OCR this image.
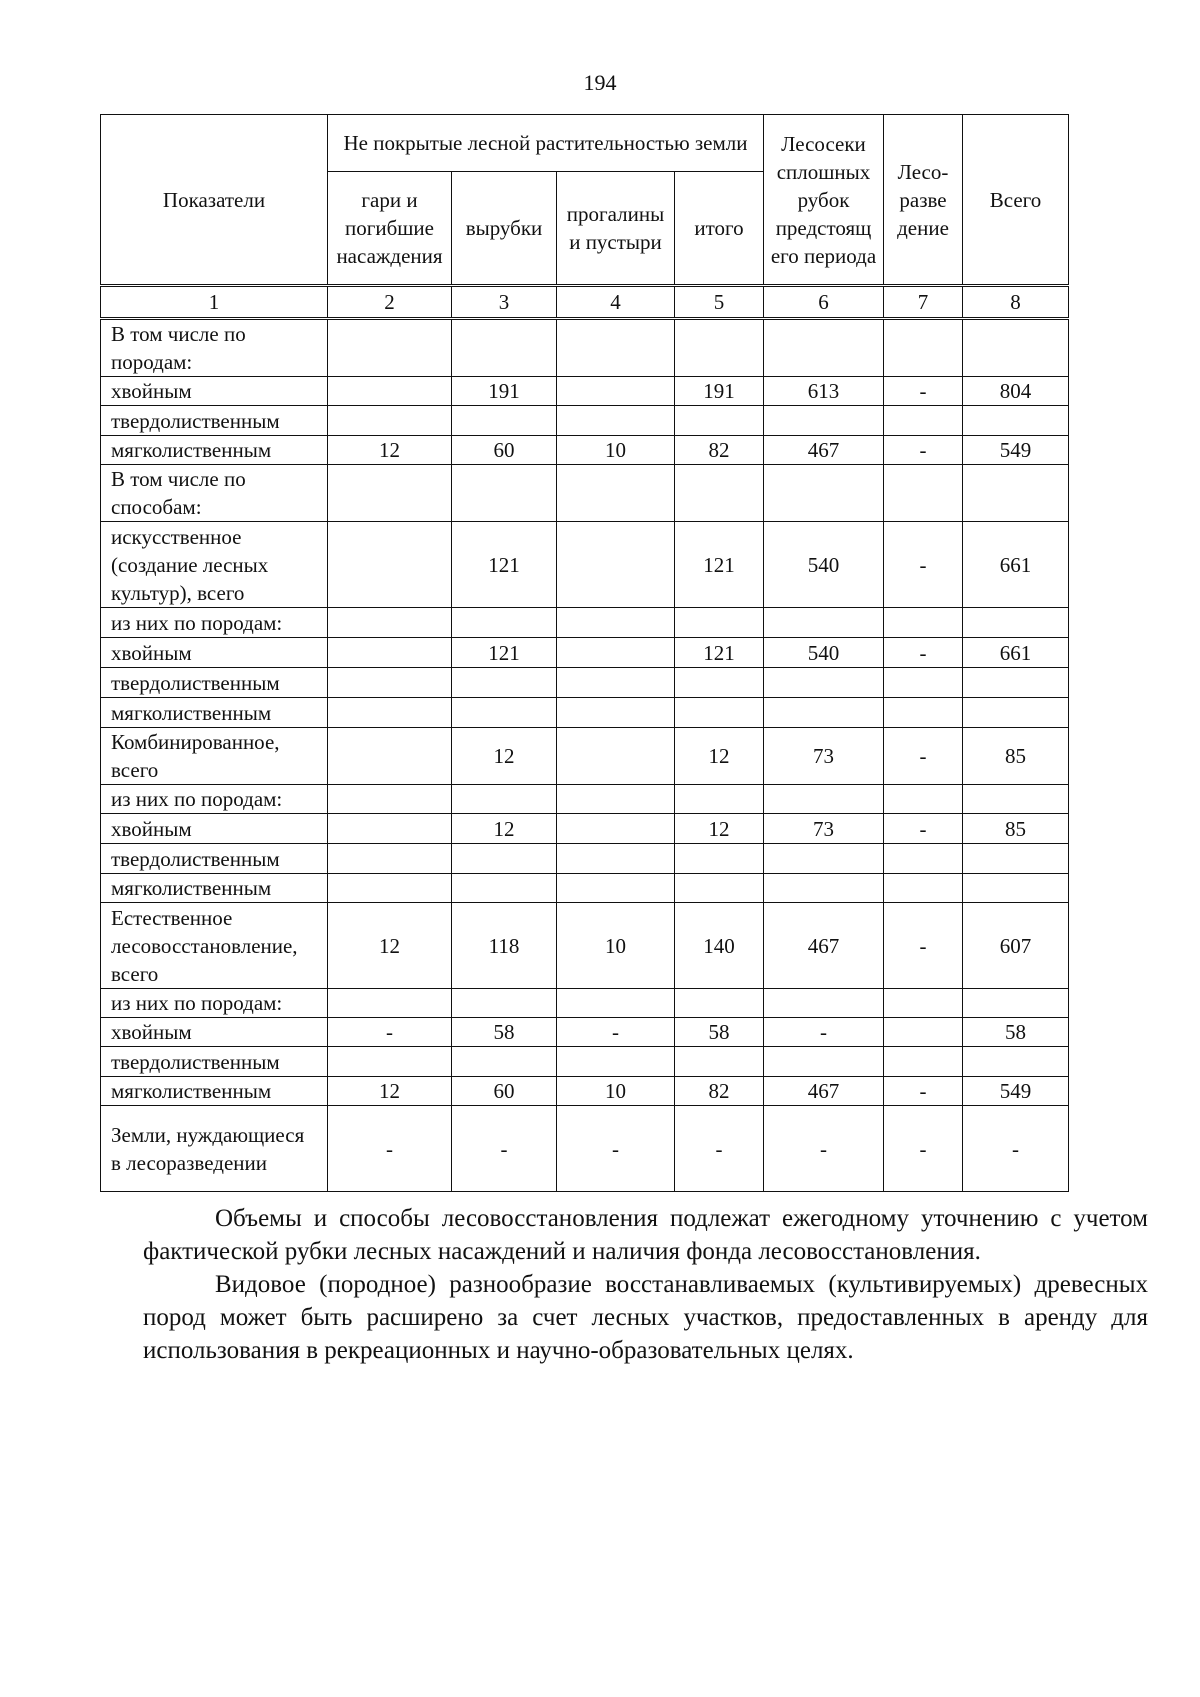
194
Показатели	Не покрытые лесной растительностью земли				Лесосеки сплошных рубок предстоящ его периода	Лесо-разве дение	Всего
	гари и погибшие насаждения	вырубки	прогалины и пустыри	итого			
1	2	3	4	5	6	7	8
В том числе по породам:							
хвойным		191		191	613	-	804
твердолиственным							
мягколиственным	12	60	10	82	467	-	549
В том числе по способам:							
искусственное (создание лесных культур), всего		121		121	540	-	661
из них по породам:							
хвойным		121		121	540	-	661
твердолиственным							
мягколиственным							
Комбинированное, всего		12		12	73	-	85
из них по породам:							
хвойным		12		12	73	-	85
твердолиственным							
мягколиственным							
Естественное лесовосстановление, всего	12	118	10	140	467	-	607
из них по породам:							
хвойным	-	58	-	58	-		58
твердолиственным							
мягколиственным	12	60	10	82	467	-	549
Земли, нуждающиеся в лесоразведении	-	-	-	-	-	-	-

Объемы и способы лесовосстановления подлежат ежегодному уточнению с учетом фактической рубки лесных насаждений и наличия фонда лесовосстановления.

Видовое (породное) разнообразие восстанавливаемых (культивируемых) древесных пород может быть расширено за счет лесных участков, предоставленных в аренду для использования в рекреационных и научно-образовательных целях.
